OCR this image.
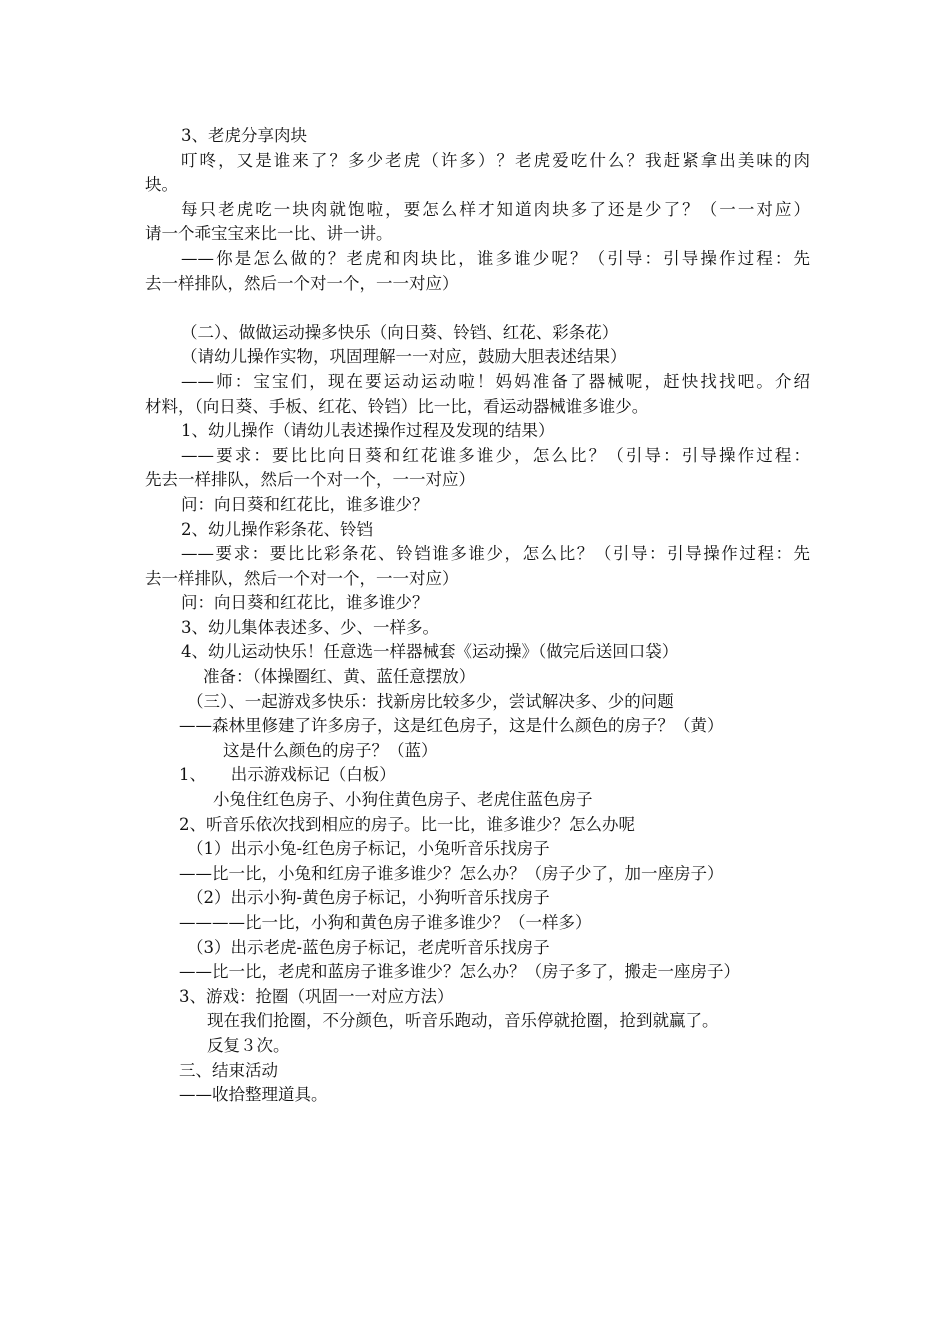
3、老虎分享肉块

叮咚，又是谁来了？多少老虎（许多）？老虎爱吃什么？我赶紧拿出美味的肉

块。

每只老虎吃一块肉就饱啦，要怎么样才知道肉块多了还是少了？（一一对应）

请一个乖宝宝来比一比、讲一讲。

——你是怎么做的？老虎和肉块比，谁多谁少呢？（引导：引导操作过程：先

去一样排队，然后一个对一个，一一对应）

（二）、做做运动操多快乐（向日葵、铃铛、红花、彩条花）

（请幼儿操作实物，巩固理解一一对应，鼓励大胆表述结果）

——师：宝宝们，现在要运动运动啦！妈妈准备了器械呢，赶快找找吧。介绍

材料，（向日葵、手板、红花、铃铛）比一比，看运动器械谁多谁少。

1、幼儿操作（请幼儿表述操作过程及发现的结果）

——要求：要比比向日葵和红花谁多谁少，怎么比？（引导：引导操作过程：

先去一样排队，然后一个对一个，一一对应）

问：向日葵和红花比，谁多谁少？

2、幼儿操作彩条花、铃铛

——要求：要比比彩条花、铃铛谁多谁少，怎么比？（引导：引导操作过程：先

去一样排队，然后一个对一个，一一对应）

问：向日葵和红花比，谁多谁少？

3、幼儿集体表述多、少、一样多。

4、幼儿运动快乐！任意选一样器械套《运动操》（做完后送回口袋）

准备：（体操圈红、黄、蓝任意摆放）

（三）、一起游戏多快乐：找新房比较多少，尝试解决多、少的问题

——森林里修建了许多房子，这是红色房子，这是什么颜色的房子？（黄）

这是什么颜色的房子？（蓝）

1、　　出示游戏标记（白板）

小兔住红色房子、小狗住黄色房子、老虎住蓝色房子

2、听音乐依次找到相应的房子。比一比，谁多谁少？怎么办呢

（1）出示小兔-红色房子标记，小兔听音乐找房子

——比一比，小兔和红房子谁多谁少？怎么办？（房子少了，加一座房子）

（2）出示小狗-黄色房子标记，小狗听音乐找房子

————比一比，小狗和黄色房子谁多谁少？（一样多）

（3）出示老虎-蓝色房子标记，老虎听音乐找房子

——比一比，老虎和蓝房子谁多谁少？怎么办？（房子多了，搬走一座房子）

3、游戏：抢圈（巩固一一对应方法）

现在我们抢圈，不分颜色，听音乐跑动，音乐停就抢圈，抢到就赢了。

反复３次。

三、结束活动

——收拾整理道具。
